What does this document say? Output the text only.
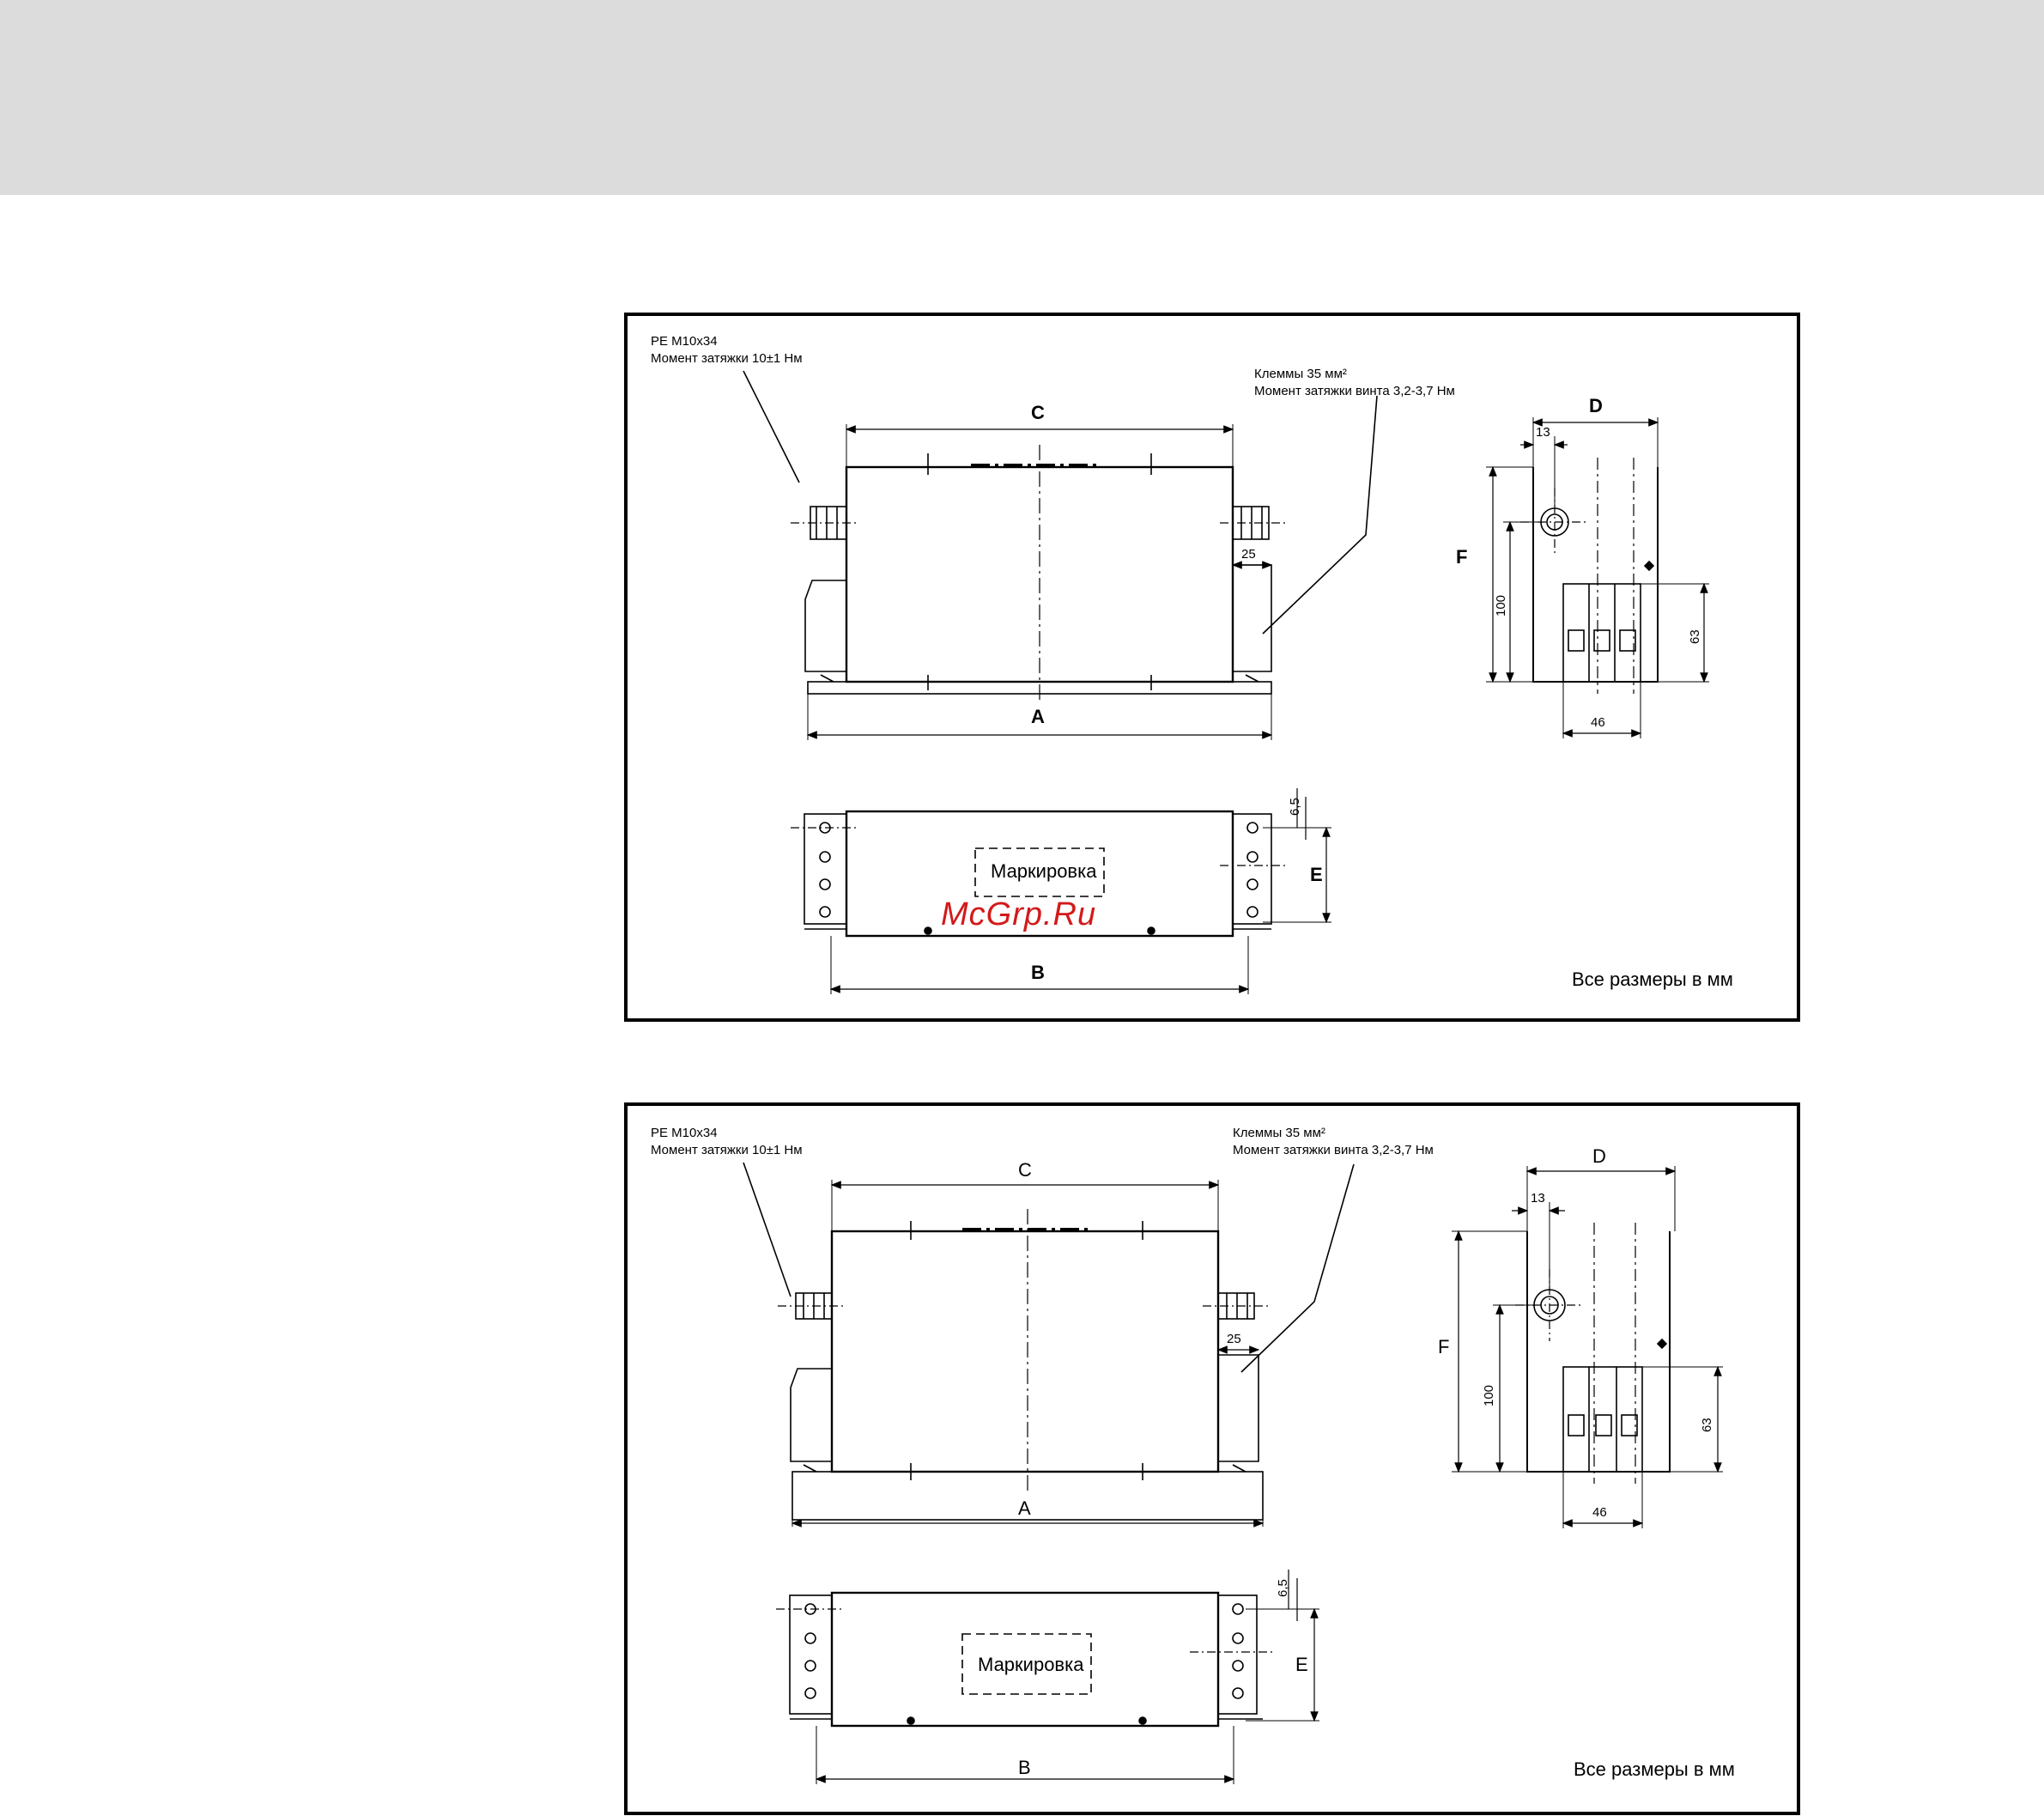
PE M10x34
Момент затяжки 10±1 Нм
Клеммы 35 мм²
Момент затяжки винта 3,2-3,7 Нм
C
A
25
D
13
F
100
63
46
Маркировка
B
E
6,5
Все размеры в мм
McGrp.Ru
PE M10x34
Момент затяжки 10±1 Нм
Клеммы 35 мм²
Момент затяжки винта 3,2-3,7 Нм
C
A
25
D
13
F
100
63
46
Маркировка
B
E
6,5
Все размеры в мм
